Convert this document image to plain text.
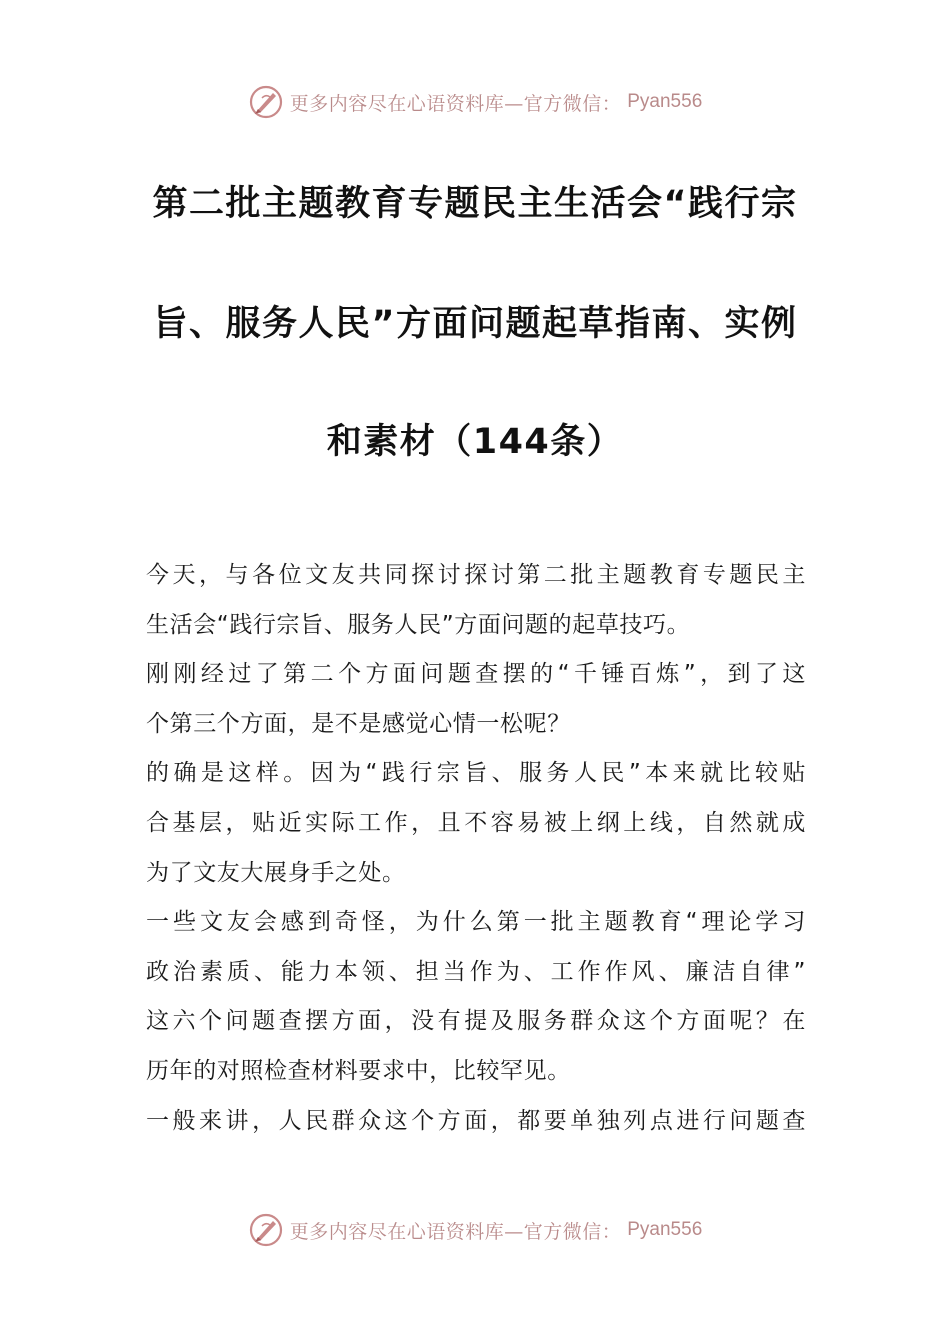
更多内容尽在心语资料库—官方微信： Pyan556
第二批主题教育专题民主生活会“践行宗
旨、服务人民”方面问题起草指南、实例
和素材（144条）
今天，与各位文友共同探讨探讨第二批主题教育专题民主
生活会“践行宗旨、服务人民”方面问题的起草技巧。
刚刚经过了第二个方面问题查摆的“千锤百炼”，到了这
个第三个方面，是不是感觉心情一松呢？
的确是这样。因为“践行宗旨、服务人民”本来就比较贴
合基层，贴近实际工作，且不容易被上纲上线，自然就成
为了文友大展身手之处。
一些文友会感到奇怪，为什么第一批主题教育“理论学习
政治素质、能力本领、担当作为、工作作风、廉洁自律”
这六个问题查摆方面，没有提及服务群众这个方面呢？在
历年的对照检查材料要求中，比较罕见。
一般来讲，人民群众这个方面，都要单独列点进行问题查
更多内容尽在心语资料库—官方微信： Pyan556
